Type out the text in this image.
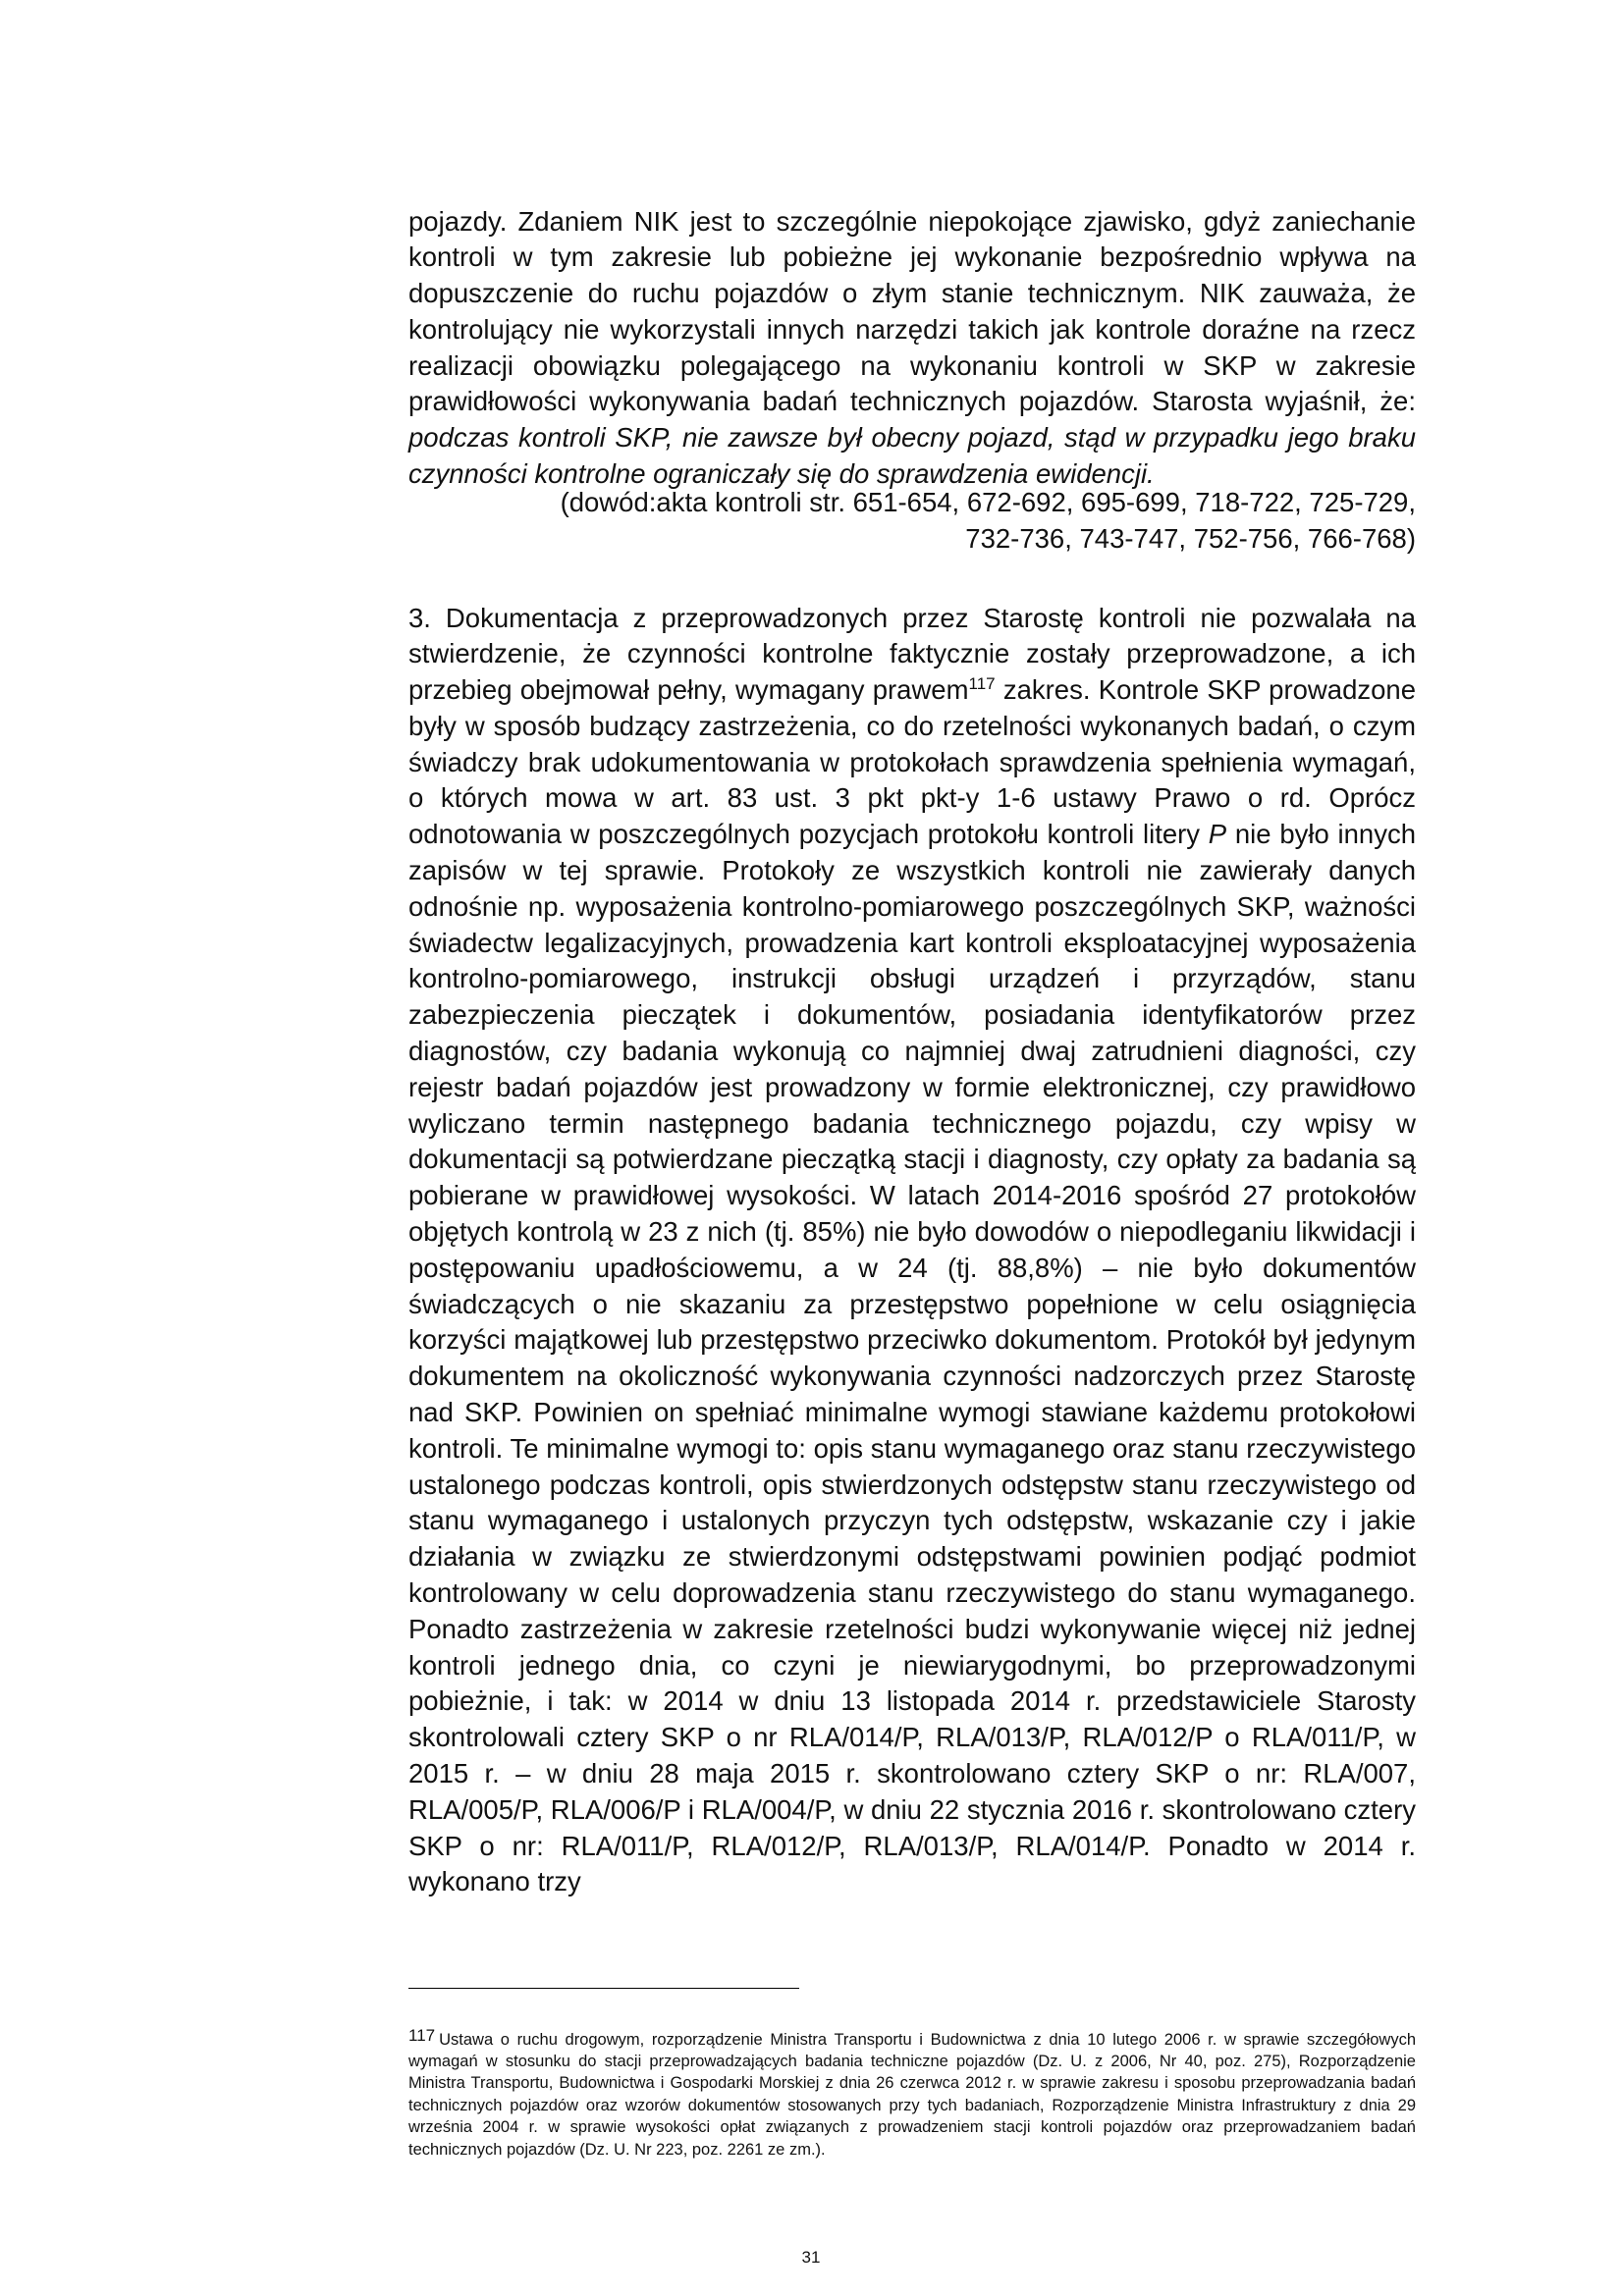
pojazdy. Zdaniem NIK jest to szczególnie niepokojące zjawisko, gdyż zaniechanie kontroli w tym zakresie lub pobieżne jej wykonanie bezpośrednio wpływa na dopuszczenie do ruchu pojazdów o złym stanie technicznym. NIK zauważa, że kontrolujący nie wykorzystali innych narzędzi takich jak kontrole doraźne na rzecz realizacji obowiązku polegającego na wykonaniu kontroli w SKP w zakresie prawidłowości wykonywania badań technicznych pojazdów. Starosta wyjaśnił, że: podczas kontroli SKP, nie zawsze był obecny pojazd, stąd w przypadku jego braku czynności kontrolne ograniczały się do sprawdzenia ewidencji.

(dowód:akta kontroli str. 651-654, 672-692, 695-699, 718-722, 725-729,
732-736, 743-747, 752-756, 766-768)

3. Dokumentacja z przeprowadzonych przez Starostę kontroli nie pozwalała na stwierdzenie, że czynności kontrolne faktycznie zostały przeprowadzone, a ich przebieg obejmował pełny, wymagany prawem$^{117}$ zakres. Kontrole SKP prowadzone były w sposób budzący zastrzeżenia, co do rzetelności wykonanych badań, o czym świadczy brak udokumentowania w protokołach sprawdzenia spełnienia wymagań, o których mowa w art. 83 ust. 3 pkt pkt-y 1-6 ustawy Prawo o rd. Oprócz odnotowania w poszczególnych pozycjach protokołu kontroli litery P nie było innych zapisów w tej sprawie. Protokoły ze wszystkich kontroli nie zawierały danych odnośnie np. wyposażenia kontrolno-pomiarowego poszczególnych SKP, ważności świadectw legalizacyjnych, prowadzenia kart kontroli eksploatacyjnej wyposażenia kontrolno-pomiarowego, instrukcji obsługi urządzeń i przyrządów, stanu zabezpieczenia pieczątek i dokumentów, posiadania identyfikatorów przez diagnostów, czy badania wykonują co najmniej dwaj zatrudnieni diagności, czy rejestr badań pojazdów jest prowadzony w formie elektronicznej, czy prawidłowo wyliczano termin następnego badania technicznego pojazdu, czy wpisy w dokumentacji są potwierdzane pieczątką stacji i diagnosty, czy opłaty za badania są pobierane w prawidłowej wysokości. W latach 2014-2016 spośród 27 protokołów objętych kontrolą w 23 z nich (tj. 85%) nie było dowodów o niepodleganiu likwidacji i postępowaniu upadłościowemu, a w 24 (tj. 88,8%) – nie było dokumentów świadczących o nie skazaniu za przestępstwo popełnione w celu osiągnięcia korzyści majątkowej lub przestępstwo przeciwko dokumentom. Protokół był jedynym dokumentem na okoliczność wykonywania czynności nadzorczych przez Starostę nad SKP. Powinien on spełniać minimalne wymogi stawiane każdemu protokołowi kontroli. Te minimalne wymogi to: opis stanu wymaganego oraz stanu rzeczywistego ustalonego podczas kontroli, opis stwierdzonych odstępstw stanu rzeczywistego od stanu wymaganego i ustalonych przyczyn tych odstępstw, wskazanie czy i jakie działania w związku ze stwierdzonymi odstępstwami powinien podjąć podmiot kontrolowany w celu doprowadzenia stanu rzeczywistego do stanu wymaganego. Ponadto zastrzeżenia w zakresie rzetelności budzi wykonywanie więcej niż jednej kontroli jednego dnia, co czyni je niewiarygodnymi, bo przeprowadzonymi pobieżnie, i tak: w 2014 w dniu 13 listopada 2014 r. przedstawiciele Starosty skontrolowali cztery SKP o nr RLA/014/P, RLA/013/P, RLA/012/P o RLA/011/P, w 2015 r. – w dniu 28 maja 2015 r. skontrolowano cztery SKP o nr: RLA/007, RLA/005/P, RLA/006/P i RLA/004/P, w dniu 22 stycznia 2016 r. skontrolowano cztery SKP o nr: RLA/011/P, RLA/012/P, RLA/013/P, RLA/014/P. Ponadto w 2014 r. wykonano trzy

117 Ustawa o ruchu drogowym, rozporządzenie Ministra Transportu i Budownictwa z dnia 10 lutego 2006 r. w sprawie szczegółowych wymagań w stosunku do stacji przeprowadzających badania techniczne pojazdów (Dz. U. z 2006, Nr 40, poz. 275), Rozporządzenie Ministra Transportu, Budownictwa i Gospodarki Morskiej z dnia 26 czerwca 2012 r. w sprawie zakresu i sposobu przeprowadzania badań technicznych pojazdów oraz wzorów dokumentów stosowanych przy tych badaniach, Rozporządzenie Ministra Infrastruktury z dnia 29 września 2004 r. w sprawie wysokości opłat związanych z prowadzeniem stacji kontroli pojazdów oraz przeprowadzaniem badań technicznych pojazdów (Dz. U. Nr 223, poz. 2261 ze zm.).

31
